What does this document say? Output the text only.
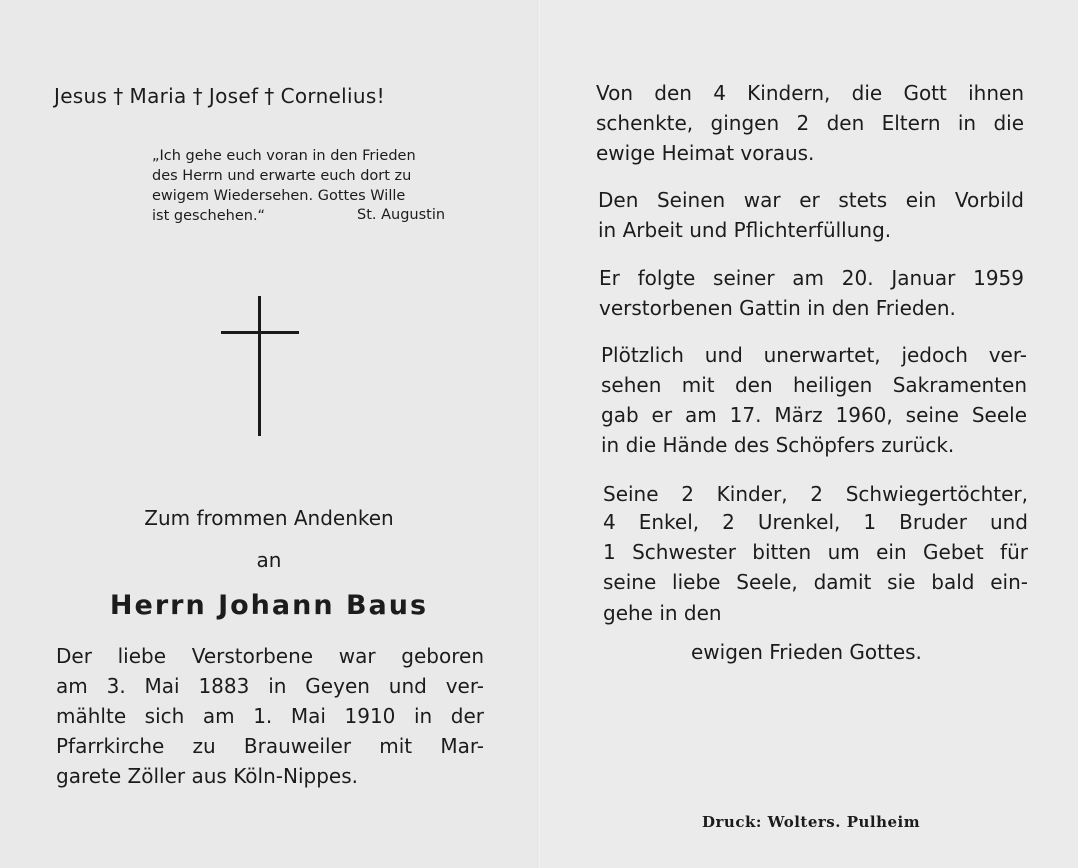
Jesus † Maria † Josef † Cornelius!
„Ich gehe euch voran in den Frieden
des Herrn und erwarte euch dort zu
ewigem Wiedersehen. Gottes Wille
ist geschehen.“	St. Augustin
Zum frommen Andenken
an
Herrn Johann Baus
Der liebe Verstorbene war geboren
am 3. Mai 1883 in Geyen und ver-
mählte sich am 1. Mai 1910 in der
Pfarrkirche zu Brauweiler mit Mar-
garete Zöller aus Köln-Nippes.
Von den 4 Kindern, die Gott ihnen
schenkte, gingen 2 den Eltern in die
ewige Heimat voraus.
Den Seinen war er stets ein Vorbild
in Arbeit und Pflichterfüllung.
Er folgte seiner am 20. Januar 1959
verstorbenen Gattin in den Frieden.
Plötzlich und unerwartet, jedoch ver-
sehen mit den heiligen Sakramenten
gab er am 17. März 1960, seine Seele
in die Hände des Schöpfers zurück.
Seine 2 Kinder, 2 Schwiegertöchter,
4 Enkel, 2 Urenkel, 1 Bruder und
1 Schwester bitten um ein Gebet für
seine liebe Seele, damit sie bald ein-
gehe in den
ewigen Frieden Gottes.
Druck: Wolters. Pulheim
